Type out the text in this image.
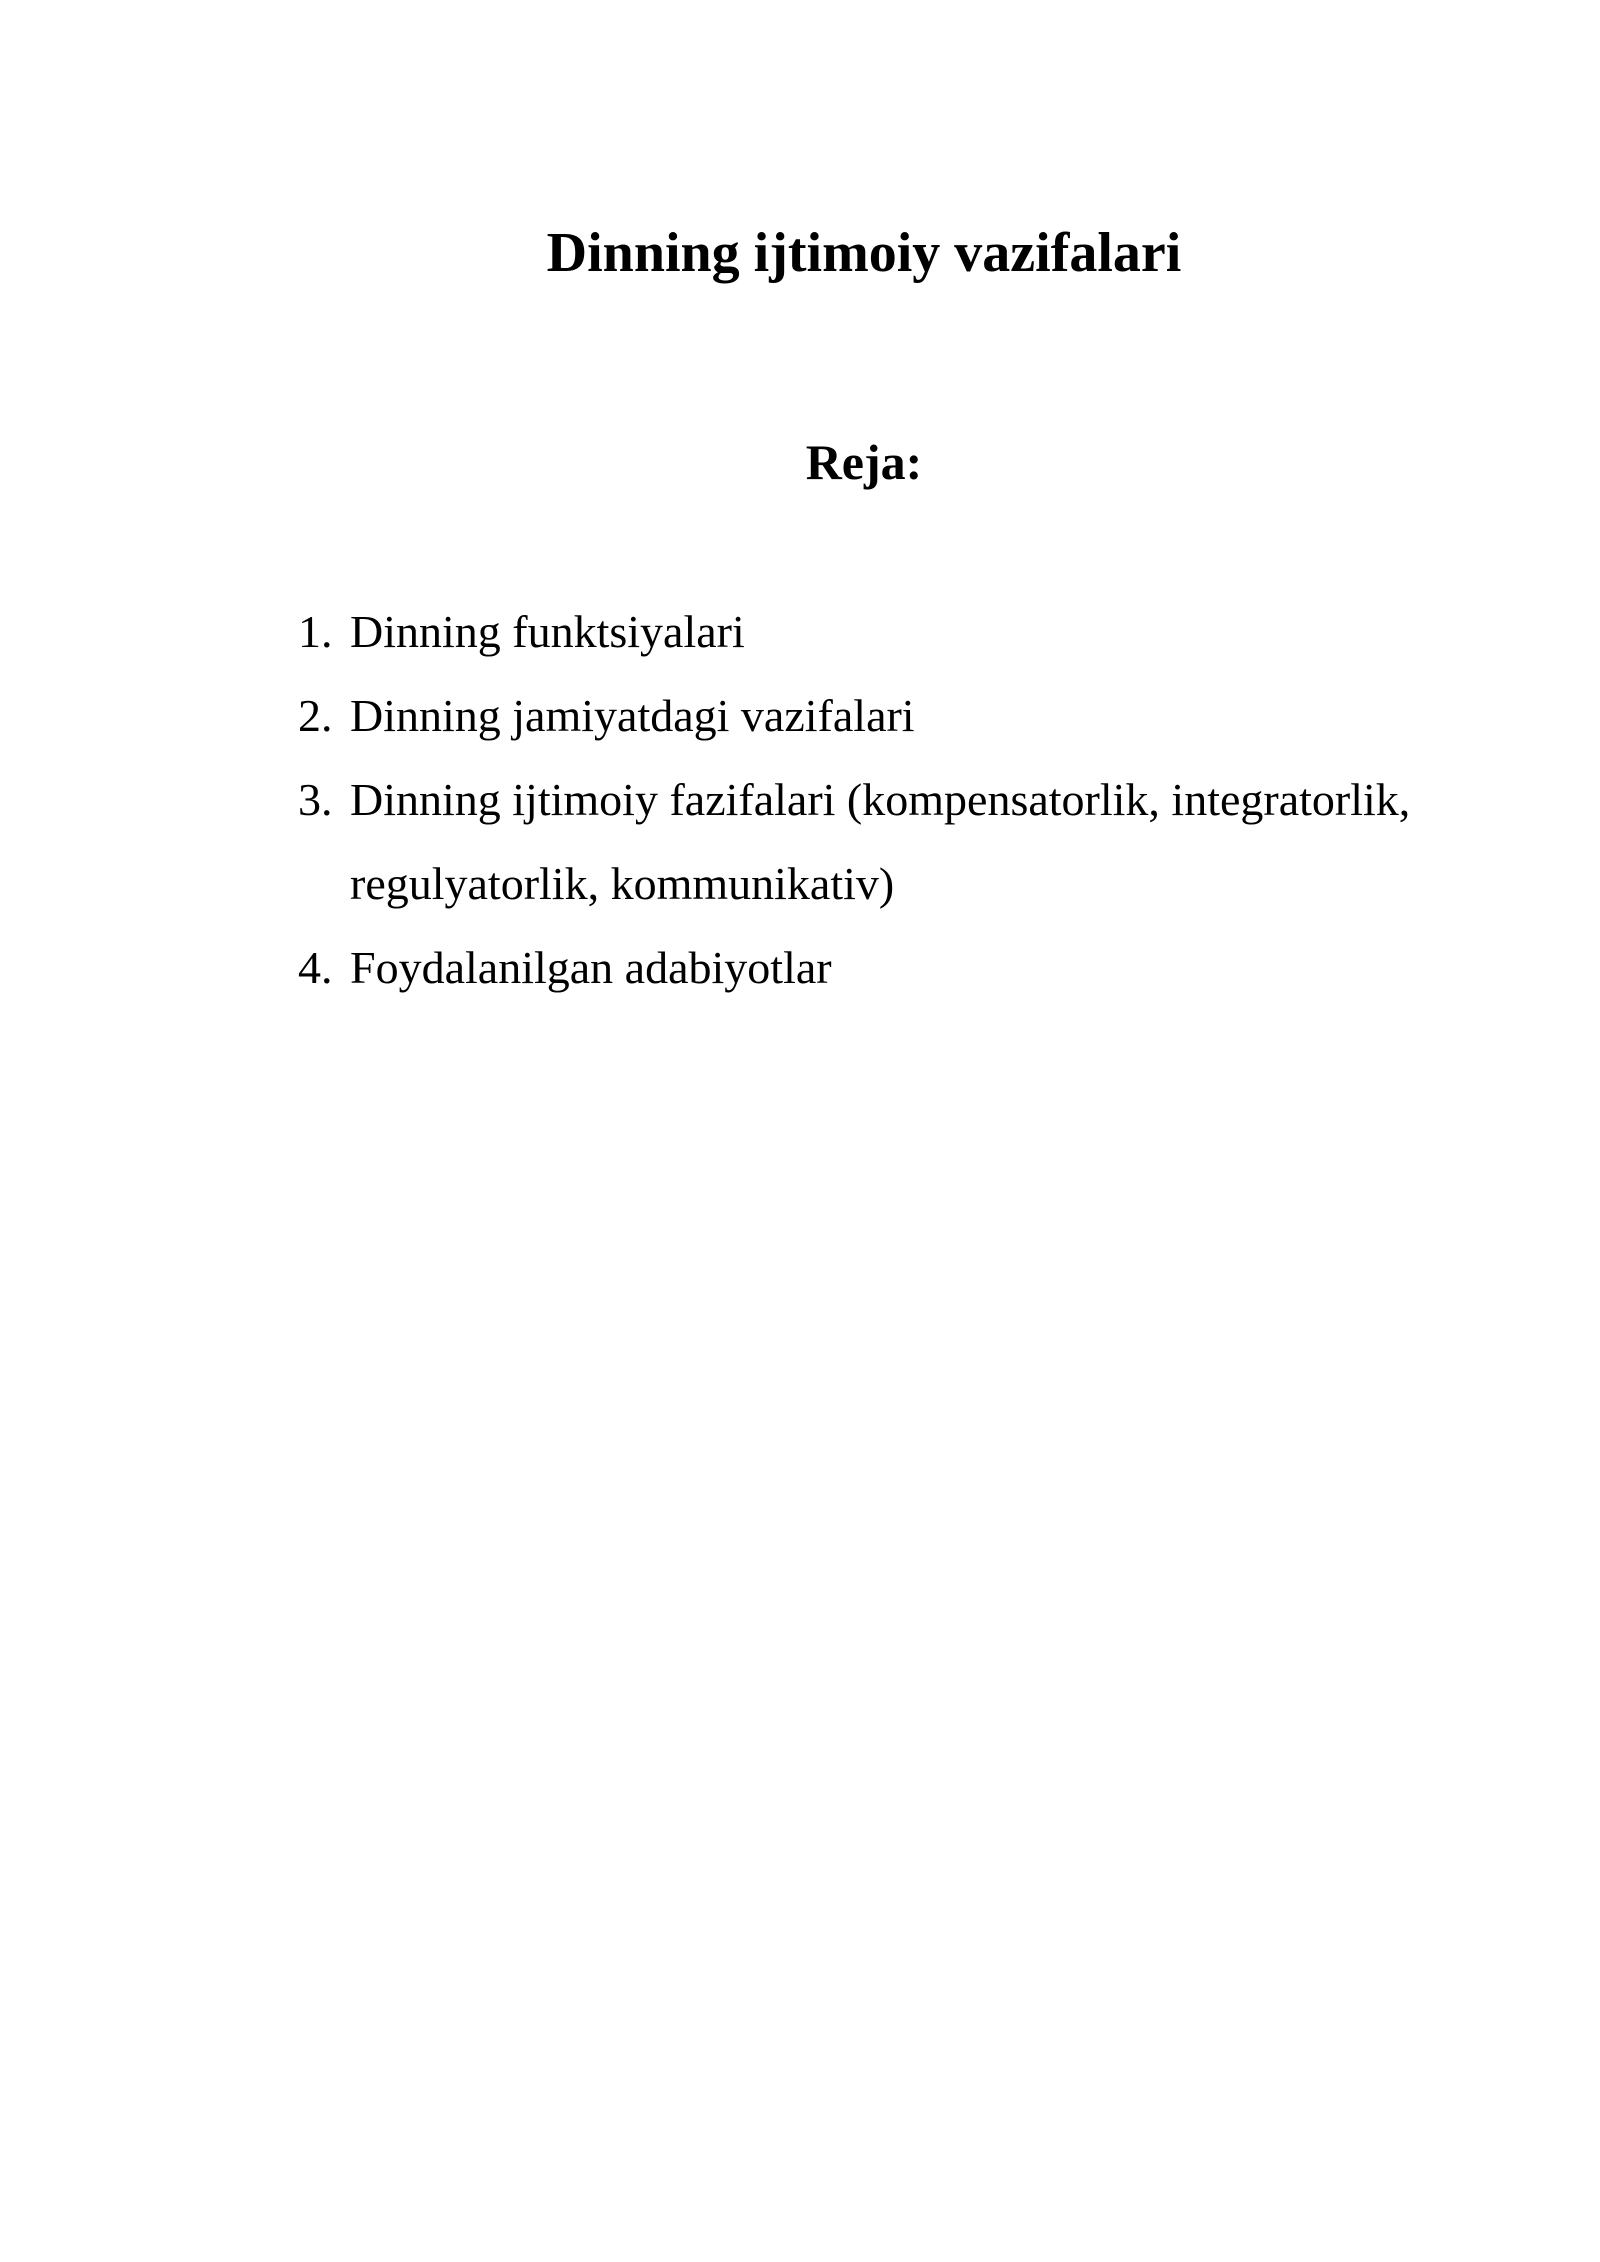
Dinning ijtimoiy vazifalari
Reja:
1. Dinning funktsiyalari
2. Dinning jamiyatdagi vazifalari
3. Dinning ijtimoiy fazifalari (kompensatorlik, integratorlik, regulyatorlik, kommunikativ)
4. Foydalanilgan adabiyotlar
